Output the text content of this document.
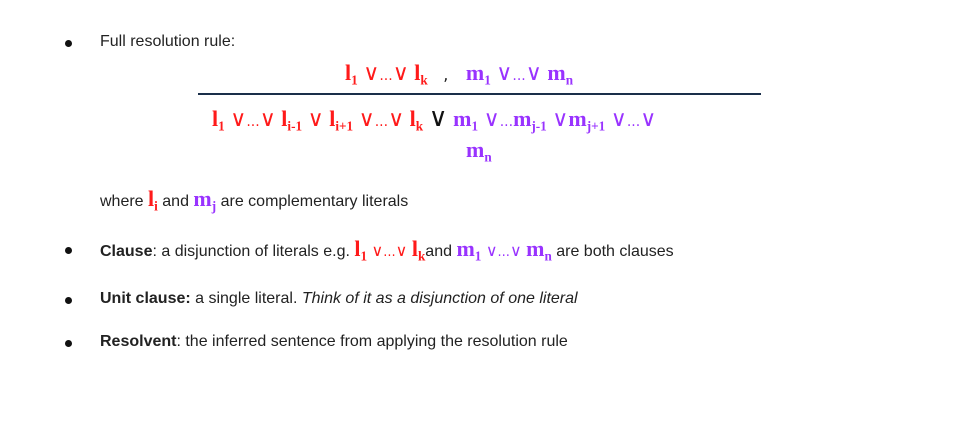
Full resolution rule:
$l_1$ ∨...∨ $l_k$ , $m_1$ ∨...∨ $m_n$
$l_1$ ∨...∨ $l_{i-1}$ ∨ $l_{i+1}$ ∨...∨ $l_k$ ∨ $m_1$ $\vee...m_{j-1}$ $\vee m_{j+1}$ ∨...∨
$m_n$
where $l_i$ and $m_j$ are complementary literals
Clause: a disjunction of literals e.g. $l_1$ ∨...∨ $l_kand$ $m_1$ ∨...∨ $m_n$ are both clauses
Unit clause: a single literal. Think of it as a disjunction of one literal
Resolvent: the inferred sentence from applying the resolution rule
